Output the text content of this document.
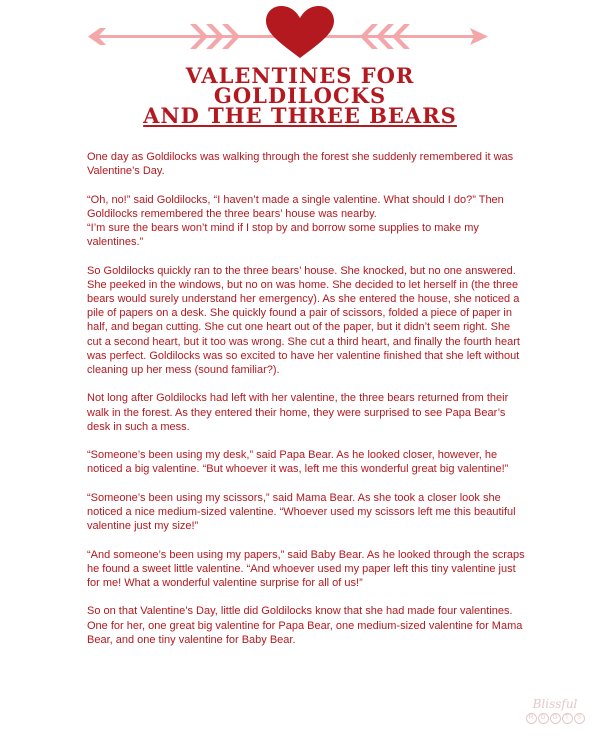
VALENTINES FOR
GOLDILOCKS
AND THE THREE BEARS

One day as Goldilocks was walking through the forest she suddenly remembered it was Valentine’s Day.

“Oh, no!” said Goldilocks, “I haven’t made a single valentine. What should I do?” Then Goldilocks remembered the three bears’ house was nearby.

“I’m sure the bears won’t mind if I stop by and borrow some supplies to make my valentines.”

So Goldilocks quickly ran to the three bears’ house. She knocked, but no one answered. She peeked in the windows, but no on was home. She decided to let herself in (the three bears would surely understand her emergency). As she entered the house, she noticed a pile of papers on a desk. She quickly found a pair of scissors, folded a piece of paper in half, and began cutting. She cut one heart out of the paper, but it didn’t seem right. She cut a second heart, but it too was wrong. She cut a third heart, and finally the fourth heart was perfect. Goldilocks was so excited to have her valentine finished that she left without cleaning up her mess (sound familiar?).

Not long after Goldilocks had left with her valentine, the three bears returned from their walk in the forest. As they entered their home, they were surprised to see Papa Bear’s desk in such a mess.

“Someone’s been using my desk,” said Papa Bear. As he looked closer, however, he noticed a big valentine. “But whoever it was, left me this wonderful great big valentine!”

“Someone’s been using my scissors,” said Mama Bear. As she took a closer look she noticed a nice medium-sized valentine. “Whoever used my scissors left me this beautiful valentine just my size!”

“And someone’s been using my papers,” said Baby Bear. As he looked through the scraps he found a sweet little valentine. “And whoever used my paper left this tiny valentine just for me! What a wonderful valentine surprise for all of us!”

So on that Valentine’s Day, little did Goldilocks know that she had made four valentines. One for her, one great big valentine for Papa Bear, one medium-sized valentine for Mama Bear, and one tiny valentine for Baby Bear.

Blissful
R	O	O	T	S
